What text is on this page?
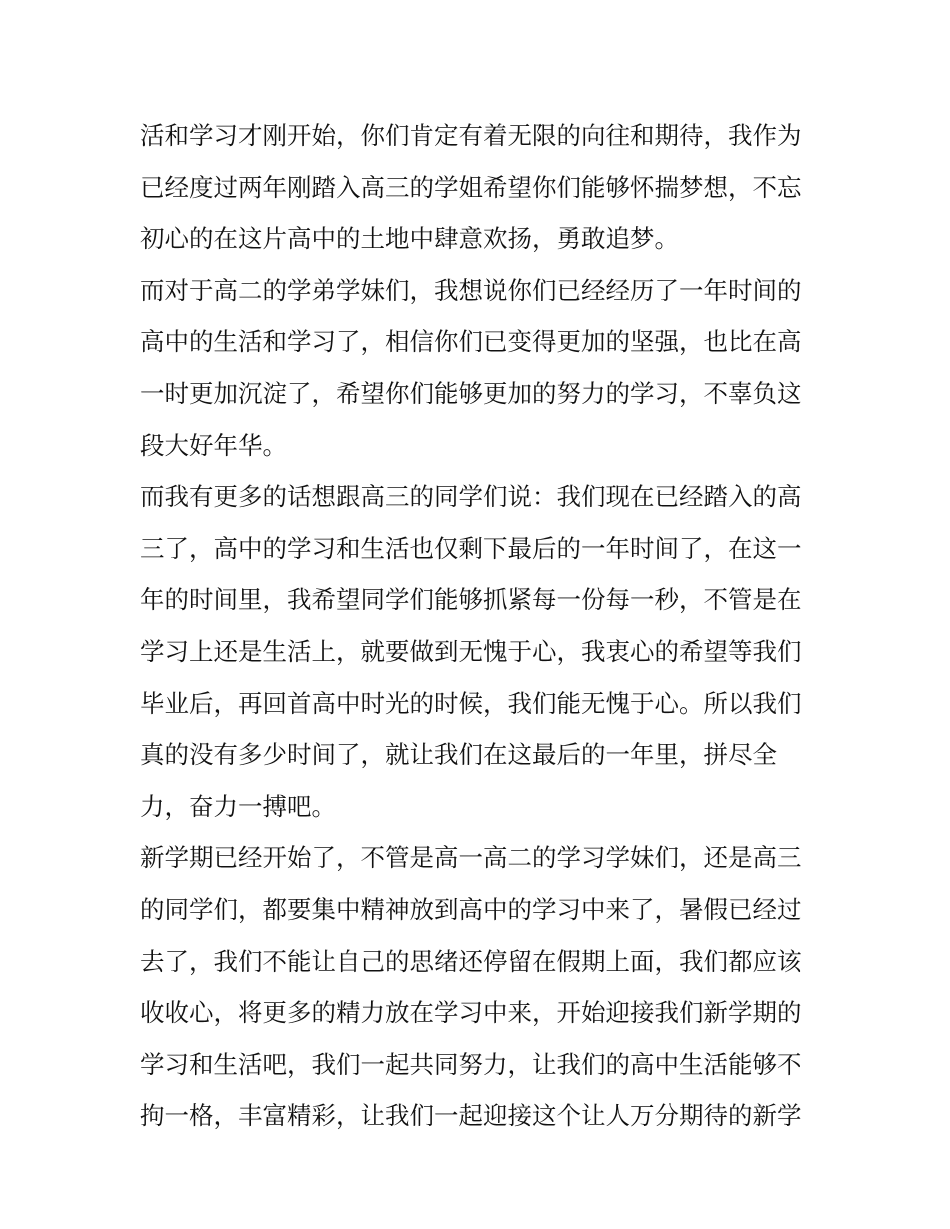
活和学习才刚开始，你们肯定有着无限的向往和期待，我作为
已经度过两年刚踏入高三的学姐希望你们能够怀揣梦想，不忘
初心的在这片高中的土地中肆意欢扬，勇敢追梦。
而对于高二的学弟学妹们，我想说你们已经经历了一年时间的
高中的生活和学习了，相信你们已变得更加的坚强，也比在高
一时更加沉淀了，希望你们能够更加的努力的学习，不辜负这
段大好年华。
而我有更多的话想跟高三的同学们说：我们现在已经踏入的高
三了，高中的学习和生活也仅剩下最后的一年时间了，在这一
年的时间里，我希望同学们能够抓紧每一份每一秒，不管是在
学习上还是生活上，就要做到无愧于心，我衷心的希望等我们
毕业后，再回首高中时光的时候，我们能无愧于心。所以我们
真的没有多少时间了，就让我们在这最后的一年里，拼尽全
力，奋力一搏吧。
新学期已经开始了，不管是高一高二的学习学妹们，还是高三
的同学们，都要集中精神放到高中的学习中来了，暑假已经过
去了，我们不能让自己的思绪还停留在假期上面，我们都应该
收收心，将更多的精力放在学习中来，开始迎接我们新学期的
学习和生活吧，我们一起共同努力，让我们的高中生活能够不
拘一格，丰富精彩，让我们一起迎接这个让人万分期待的新学
